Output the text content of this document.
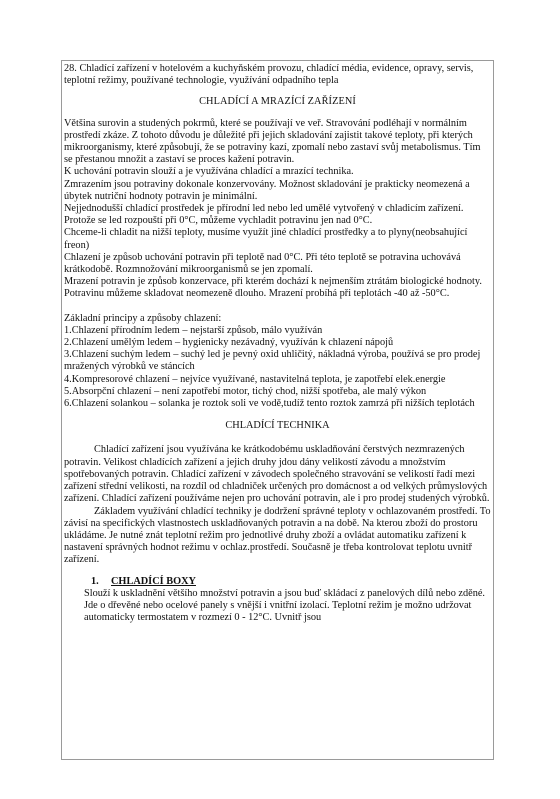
28. Chladící zařízení v hotelovém a kuchyňském provozu, chladící média, evidence, opravy, servis, teplotní režimy, používané technologie, využívání odpadního tepla

CHLADÍCÍ A MRAZÍCÍ ZAŘÍZENÍ

Většina surovin a studených pokrmů, které se používají ve veř. Stravování podléhají v normálním prostředí zkáze. Z tohoto důvodu je důležité při jejich skladování zajistit takové teploty, při kterých mikroorganismy, které způsobují, že se potraviny kazí, zpomalí nebo zastaví svůj metabolismus. Tím se přestanou množit a zastaví se proces kažení potravin.

K uchování potravin slouží a je využívána chladící a mrazící technika.

Zmrazením jsou potraviny dokonale konzervovány. Možnost skladování je prakticky neomezená a úbytek nutriční hodnoty potravin je minimální.

Nejjednodušší chladící prostředek je přírodní led nebo led umělé vytvořený v chladicím zařízení. Protože se led rozpouští při 0°C, můžeme vychladit potravinu jen nad 0°C.

Chceme-li chladit na nižší teploty, musíme využít jiné chladící prostředky a to plyny(neobsahující freon)

Chlazení je způsob uchování potravin při teplotě nad 0°C. Při této teplotě se potravina uchovává krátkodobě. Rozmnožování mikroorganismů se jen zpomalí.

Mrazení potravin je způsob konzervace, při kterém dochází k nejmenším ztrátám biologické hodnoty. Potravinu můžeme skladovat neomezeně dlouho. Mrazení probíhá při teplotách -40 až -50°C.

Základní principy a způsoby chlazení:

1.Chlazení přírodním ledem – nejstarší způsob, málo využíván

2.Chlazení umělým ledem – hygienicky nezávadný, využíván k chlazení nápojů

3.Chlazení suchým ledem – suchý led je pevný oxid uhličitý, nákladná výroba, používá se pro prodej mražených výrobků ve stáncích

4.Kompresorové chlazení – nejvíce využívané, nastavitelná teplota, je zapotřebí elek.energie

5.Absorpční chlazení – není zapotřebí motor, tichý chod, nižší spotřeba, ale malý výkon

6.Chlazení solankou – solanka je roztok soli ve vodě,tudíž tento roztok zamrzá při nižších teplotách

CHLADÍCÍ TECHNIKA

Chladící zařízení jsou využívána ke krátkodobému uskladňování čerstvých nezmrazených potravin. Velikost chladících zařízení a jejich druhy jdou dány velikostí závodu a množstvím spotřebovaných potravin. Chladící zařízení v závodech společného stravování se velikostí řadí mezi zařízení střední velikosti, na rozdíl od chladniček určených pro domácnost a od velkých průmyslových zařízení. Chladící zařízení používáme nejen pro uchování potravin, ale i pro prodej studených výrobků.

Základem využívání chladící techniky je dodržení správné teploty v ochlazovaném prostředí. To závisí na specifických vlastnostech uskladňovaných potravin a na době. Na kterou zboží do prostoru ukládáme. Je nutné znát teplotní režim pro jednotlivé druhy zboží a ovládat automatiku zařízení k nastavení správných hodnot režimu v ochlaz.prostředí. Současně je třeba kontrolovat teplotu uvnitř zařízení.

1. CHLADÍCÍ BOXY

Slouží k uskladnění většího množství potravin a jsou buď skládací z panelových dílů nebo zděné. Jde o dřevěné nebo ocelové panely s vnější i vnitřní izolací. Teplotní režim je možno udržovat automaticky termostatem v rozmezí 0 - 12°C. Uvnitř jsou
